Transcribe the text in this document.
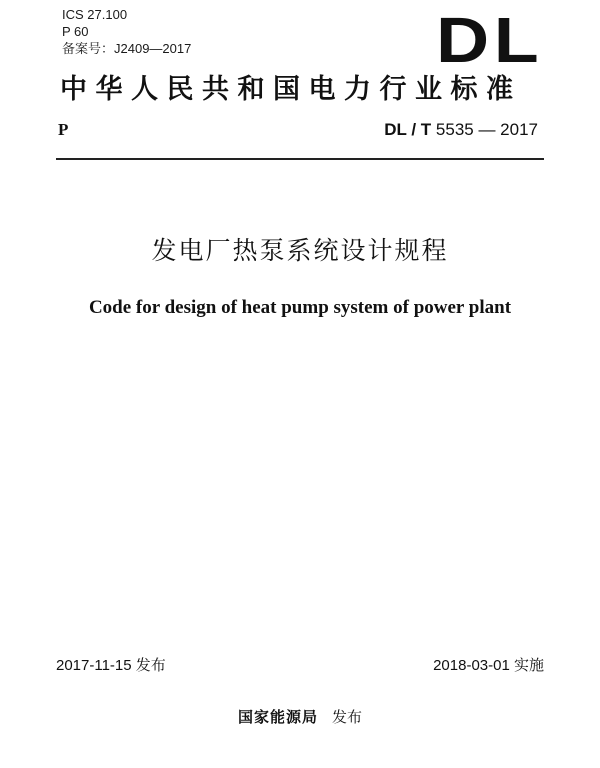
ICS 27.100
P 60
备案号：J2409—2017	DL
中华人民共和国电力行业标准
P	DL / T 5535 — 2017
发电厂热泵系统设计规程
Code for design of heat pump system of power plant
2017-11-15 发布	2018-03-01 实施
国家能源局 发布
